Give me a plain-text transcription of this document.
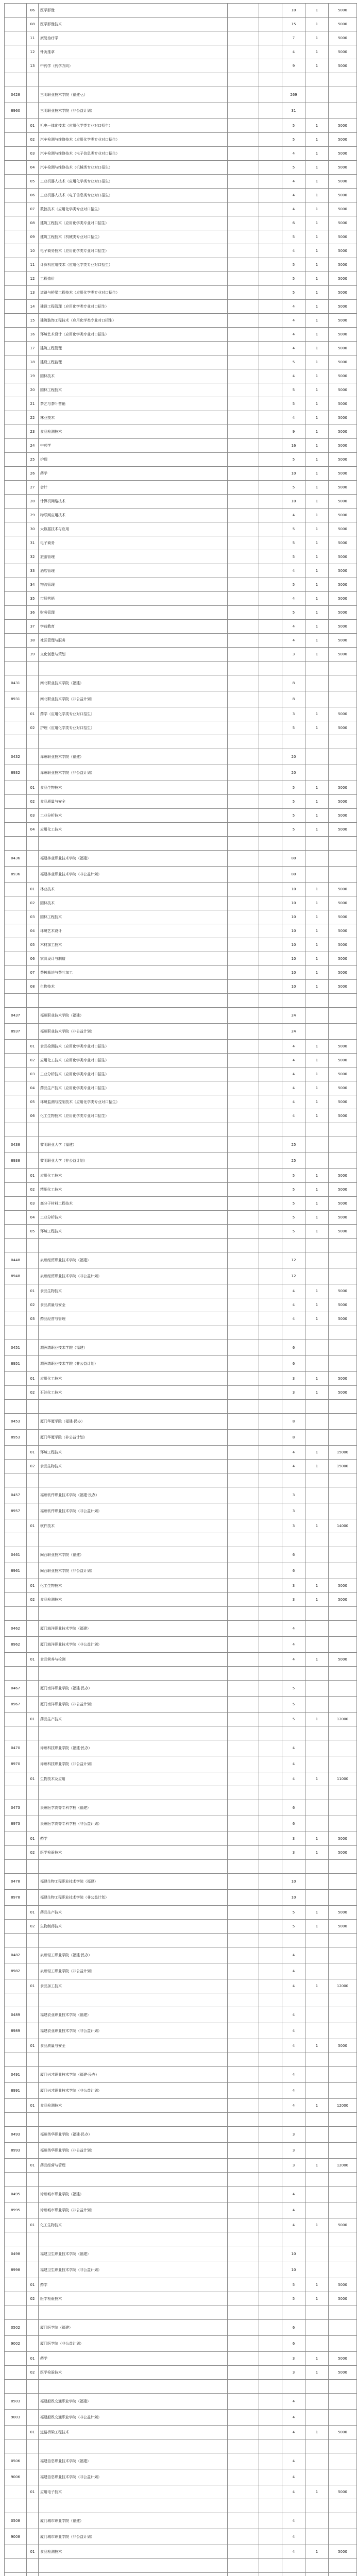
	06	医学影像			10	1	5000
	08	医学影像技术			15	1	5000
	11	康复治疗学			7	1	5000
	12	针灸推拿			4	1	5000
	13	中药学（药学方向）			9	1	5000

0428		三明职业技术学院（福建·△）			269		
8960		三明职业技术学院（非公益计划）			31		
	01	机电一体化技术（应用化学类专业对口招生）			5	1	5000
	02	汽车检测与维修技术（应用化学类专业对口招生）			5	1	5000
	03	汽车检测与维修技术（电子信息类专业对口招生）			4	1	5000
	04	汽车检测与维修技术（机械类专业对口招生）			5	1	5000
	05	工业机器人技术（应用化学类专业对口招生）			4	1	5000
	06	工业机器人技术（电子信息类专业对口招生）			4	1	5000
	07	数控技术（应用化学类专业对口招生）			4	1	5000
	08	建筑工程技术（应用化学类专业对口招生）			6	1	5000
	09	建筑工程技术（机械类专业对口招生）			5	1	5000
	10	电子商务技术（应用化学类专业对口招生）			4	1	5000
	11	计算机应用技术（应用化学类专业对口招生）			5	1	5000
	12	工程造价			5	1	5000
	13	道路与桥梁工程技术（应用化学类专业对口招生）			5	1	5000
	14	建设工程管理（应用化学类专业对口招生）			4	1	5000
	15	建筑装饰工程技术（应用化学类专业对口招生）			4	1	5000
	16	环境艺术设计（应用化学类专业对口招生）			4	1	5000
	17	建筑工程管理			4	1	5000
	18	建设工程监理			5	1	5000
	19	园林技术			4	1	5000
	20	园林工程技术			5	1	5000
	21	茶艺与茶叶营销			5	1	5000
	22	林业技术			4	1	5000
	23	食品检测技术			9	1	5000
	24	中药学			16	1	5000
	25	护理			5	1	5000
	26	药学			10	1	5000
	27	会计			5	1	5000
	28	计算机网络技术			10	1	5000
	29	物联网应用技术			4	1	5000
	30	大数据技术与应用			5	1	5000
	31	电子商务			5	1	5000
	32	旅游管理			5	1	5000
	33	酒店管理			4	1	5000
	34	物流管理			5	1	5000
	35	市场营销			4	1	5000
	36	财务管理			5	1	5000
	37	学前教育			4	1	5000
	38	社区管理与服务			4	1	5000
	39	文化创意与策划			3	1	5000

0431		闽北职业技术学院（福建）			8		
8931		闽北职业技术学院（非公益计划）			8		
	01	药学（应用化学类专业对口招生）			3	1	5000
	02	护理（应用化学类专业对口招生）			5	1	5000

0432		漳州职业技术学院（福建）			20		
8932		漳州职业技术学院（非公益计划）			20		
	01	食品生物技术			5	1	5000
	02	食品质量与安全			5	1	5000
	03	工业分析技术			5	1	5000
	04	应用化工技术			5	1	5000

0436		福建林业职业技术学院（福建）			80		
8936		福建林业职业技术学院（非公益计划）			80		
	01	林业技术			10	1	5000
	02	园林技术			10	1	5000
	03	园林工程技术			10	1	5000
	04	环境艺术设计			10	1	5000
	05	木材加工技术			10	1	5000
	06	家具设计与制造			10	1	5000
	07	茶树栽培与茶叶加工			10	1	5000
	08	生物技术			10	1	5000

0437		福州职业技术学院（福建）			24		
8937		福州职业技术学院（非公益计划）			24		
	01	食品检测技术（应用化学类专业对口招生）			4	1	5000
	02	应用化工技术（应用化学类专业对口招生）			4	1	5000
	03	工业分析技术（应用化学类专业对口招生）			4	1	5000
	04	药品生产技术（应用化学类专业对口招生）			4	1	5000
	05	环境监测与控制技术（应用化学类专业对口招生）			4	1	5000
	06	化工生物技术（应用化学类专业对口招生）			4	1	5000

0438		黎明职业大学（福建）			25		
8938		黎明职业大学（非公益计划）			25		
	01	应用化工技术			5	1	5000
	02	精细化工技术			5	1	5000
	03	高分子材料工程技术			5	1	5000
	04	工业分析技术			5	1	5000
	05	环境工程技术			5	1	5000

0448		泉州经贸职业技术学院（福建）			12		
8948		泉州经贸职业技术学院（非公益计划）			12		
	01	食品生物技术			4	1	5000
	02	食品质量与安全			4	1	5000
	03	药品经营与管理			4	1	5000

0451		湄洲湾职业技术学院（福建）			6		
8951		湄洲湾职业技术学院（非公益计划）			6		
	01	应用化工技术			3	1	5000
	02	石油化工技术			3	1	5000

0453		厦门华厦学院（福建·民办）			8		
8953		厦门华厦学院（非公益计划）			8		
	01	环境工程技术			4	1	15000
	02	食品生物技术			4	1	15000

0457		福州软件职业技术学院（福建·民办）			3		
8957		福州软件职业技术学院（非公益计划）			3		
	01	软件技术			3	1	14000

0461		闽西职业技术学院（福建）			6		
8961		闽西职业技术学院（非公益计划）			6		
	01	化工生物技术			3	1	5000
	02	食品检测技术			3	1	5000

0462		厦门海洋职业技术学院（福建）			4		
8962		厦门海洋职业技术学院（非公益计划）			4		
	01	食品营养与检测			4	1	5000

0467		厦门南洋职业学院（福建·民办）			5		
8967		厦门南洋职业学院（非公益计划）			5		
	01	药品生产技术			5	1	12000

0470		漳州科技职业学院（福建·民办）			4		
8970		漳州科技职业学院（非公益计划）			4		
	01	生物技术及应用			4	1	11000

0473		泉州医学高等专科学校（福建）			6		
8973		泉州医学高等专科学校（非公益计划）			6		
	01	药学			3	1	5000
	02	医学检验技术			3	1	5000

0478		福建生物工程职业技术学院（福建）			10		
8978		福建生物工程职业技术学院（非公益计划）			10		
	01	药品生产技术			5	1	5000
	02	生物制药技术			5	1	5000

0482		泉州轻工职业学院（福建·民办）			4		
8982		泉州轻工职业学院（非公益计划）			4		
	01	食品加工技术			4	1	12000

0489		福建农业职业技术学院（福建）			4		
8989		福建农业职业技术学院（非公益计划）			4		
	01	食品质量与安全			4	1	5000

0491		厦门兴才职业技术学院（福建·民办）			4		
8991		厦门兴才职业技术学院（非公益计划）			4		
	01	食品检测技术			4	1	12000

0493		福州英华职业学院（福建·民办）			3		
8993		福州英华职业学院（非公益计划）			3		
	01	药品经营与管理			3	1	12000

0495		漳州城市职业学院（福建）			4		
8995		漳州城市职业学院（非公益计划）			4		
	01	化工生物技术			4	1	5000

0498		福建卫生职业技术学院（福建）			10		
8998		福建卫生职业技术学院（非公益计划）			10		
	01	药学			5	1	5000
	02	医学检验技术			5	1	5000

0502		厦门医学院（福建）			6		
9002		厦门医学院（非公益计划）			6		
	01	药学			3	1	5000
	02	医学检验技术			3	1	5000

0503		福建船政交通职业学院（福建）			4		
9003		福建船政交通职业学院（非公益计划）			4		
	01	道路桥梁工程技术			4	1	5000

0506		福建信息职业技术学院（福建）			4		
9006		福建信息职业技术学院（非公益计划）			4		
	01	应用电子技术			4	1	5000

0508		厦门城市职业学院（福建）			4		
9008		厦门城市职业学院（非公益计划）			4		
	01	食品检测技术			4	1	5000
